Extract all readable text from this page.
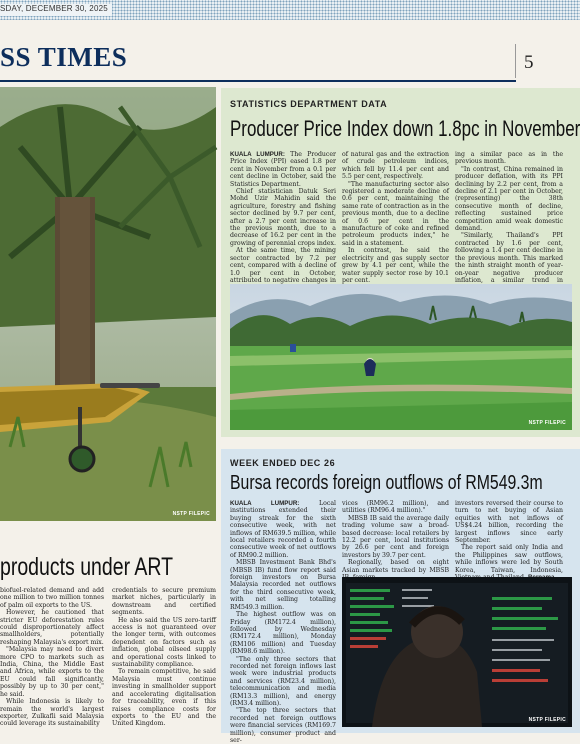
SDAY, DECEMBER 30, 2025
SS TIMES	5
NSTP FILEPIC
products under ART

biofuel-related demand and add one million to two million tonnes of palm oil exports to the US.

However, he cautioned that stricter EU deforestation rules could disproportionately affect smallholders, potentially reshaping Malaysia's export mix.

"Malaysia may need to divert more CPO to markets such as India, China, the Middle East and Africa, while exports to the EU could fall significantly, possibly by up to 30 per cent," he said.

While Indonesia is likely to remain the world's largest exporter, Zulkafli said Malaysia could leverage its sustainability

credentials to secure premium market niches, particularly in downstream and certified segments.

He also said the US zero-tariff access is not guaranteed over the longer term, with outcomes dependent on factors such as inflation, global oilseed supply and operational costs linked to sustainability compliance.

To remain competitive, he said Malaysia must continue investing in smallholder support and accelerating digitalisation for traceability, even if this raises compliance costs for exports to the EU and the United Kingdom.

STATISTICS DEPARTMENT DATA
Producer Price Index down 1.8pc in November

KUALA LUMPUR: The Producer Price Index (PPI) eased 1.8 per cent in November from a 0.1 per cent decline in October, said the Statistics Department.

Chief statistician Datuk Seri Mohd Uzir Mahidin said the agriculture, forestry and fishing sector declined by 9.7 per cent, after a 2.7 per cent increase in the previous month, due to a decrease of 16.2 per cent in the growing of perennial crops index.

At the same time, the mining sector contracted by 7.2 per cent, compared with a decline of 1.0 per cent in October, attributed to negative changes in

of natural gas and the extraction of crude petroleum indices, which fell by 11.4 per cent and 5.5 per cent, respectively.

"The manufacturing sector also registered a moderate decline of 0.6 per cent, maintaining the same rate of contraction as in the previous month, due to a decline of 0.6 per cent in the manufacture of coke and refined petroleum products index," he said in a statement.

In contrast, he said the electricity and gas supply sector grew by 4.1 per cent, while the water supply sector rose by 10.1 per cent.

ing a similar pace as in the previous month.

"In contrast, China remained in producer deflation, with its PPI declining by 2.2 per cent, from a decline of 2.1 per cent in October, (representing) the 38th consecutive month of decline, reflecting sustained price competition amid weak domestic demand.

"Similarly, Thailand's PPI contracted by 1.6 per cent, following a 1.4 per cent decline in the previous month. This marked the ninth straight month of year-on-year negative producer inflation, a similar trend in

NSTP FILEPIC
WEEK ENDED DEC 26
Bursa records foreign outflows of RM549.3m

KUALA LUMPUR:	Local institutions extended their buying streak for the sixth consecutive week, with net inflows of RM639.5 million, while local retailers recorded a fourth consecutive week of net outflows of RM90.2 million.

MBSB Investment Bank Bhd's (MBSB IB) fund flow report said foreign investors on Bursa Malaysia recorded net outflows for the third consecutive week, with net selling totalling RM549.3 million.

The highest outflow was on Friday (RM172.4 million), followed by Wednesday (RM172.4 million), Monday (RM106 million) and Tuesday (RM98.6 million).

"The only three sectors that recorded net foreign inflows last week were industrial products and services (RM23.4 million), telecommunication and media (RM13.3 million), and energy (RM3.4 million).

"The top three sectors that recorded net foreign outflows were financial services (RM169.7 million), consumer product and ser-

vices (RM96.2 million), and utilities (RM96.4 million)."

MBSB IB said the average daily trading volume saw a broad-based decrease: local retailers by 12.2 per cent, local institutions by 26.6 per cent and foreign investors by 39.7 per cent.

Regionally, based on eight Asian markets tracked by MBSB

investors reversed their course to turn to net buying of Asian equities with net inflows of US$4.24 billion, recording the largest inflows since early September.

The report said only India and the Philippines saw outflows, while inflows were led by South Korea, Taiwan, Indonesia,

NSTP FILEPIC
